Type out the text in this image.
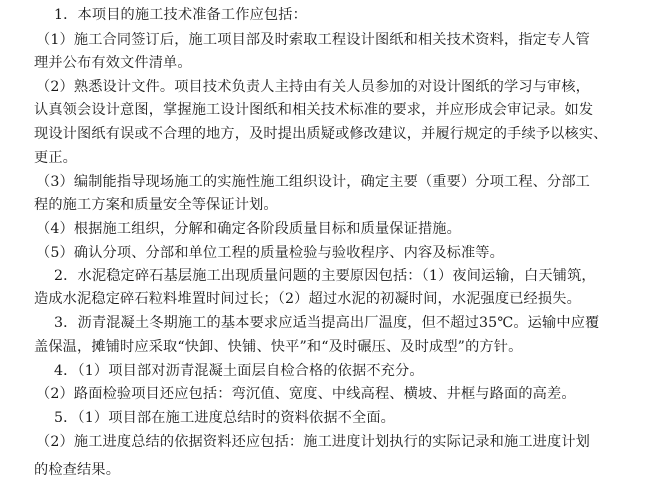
1．本项目的施工技术准备工作应包括：
（1）施工合同签订后，施工项目部及时索取工程设计图纸和相关技术资料，指定专人管
理并公布有效文件清单。
（2）熟悉设计文件。项目技术负责人主持由有关人员参加的对设计图纸的学习与审核，
认真领会设计意图，掌握施工设计图纸和相关技术标准的要求，并应形成会审记录。如发
现设计图纸有误或不合理的地方，及时提出质疑或修改建议，并履行规定的手续予以核实、
更正。
（3）编制能指导现场施工的实施性施工组织设计，确定主要（重要）分项工程、分部工
程的施工方案和质量安全等保证计划。
（4）根据施工组织，分解和确定各阶段质量目标和质量保证措施。
（5）确认分项、分部和单位工程的质量检验与验收程序、内容及标准等。
2．水泥稳定碎石基层施工出现质量问题的主要原因包括：（1）夜间运输，白天铺筑，
造成水泥稳定碎石粒料堆置时间过长；（2）超过水泥的初凝时间，水泥强度已经损失。
3．沥青混凝土冬期施工的基本要求应适当提高出厂温度，但不超过35℃。运输中应覆
盖保温，摊铺时应采取“快卸、快铺、快平”和“及时碾压、及时成型”的方针。
4．（1）项目部对沥青混凝土面层自检合格的依据不充分。
（2）路面检验项目还应包括：弯沉值、宽度、中线高程、横坡、井框与路面的高差。
5．（1）项目部在施工进度总结时的资料依据不全面。
（2）施工进度总结的依据资料还应包括：施工进度计划执行的实际记录和施工进度计划
的检查结果。
